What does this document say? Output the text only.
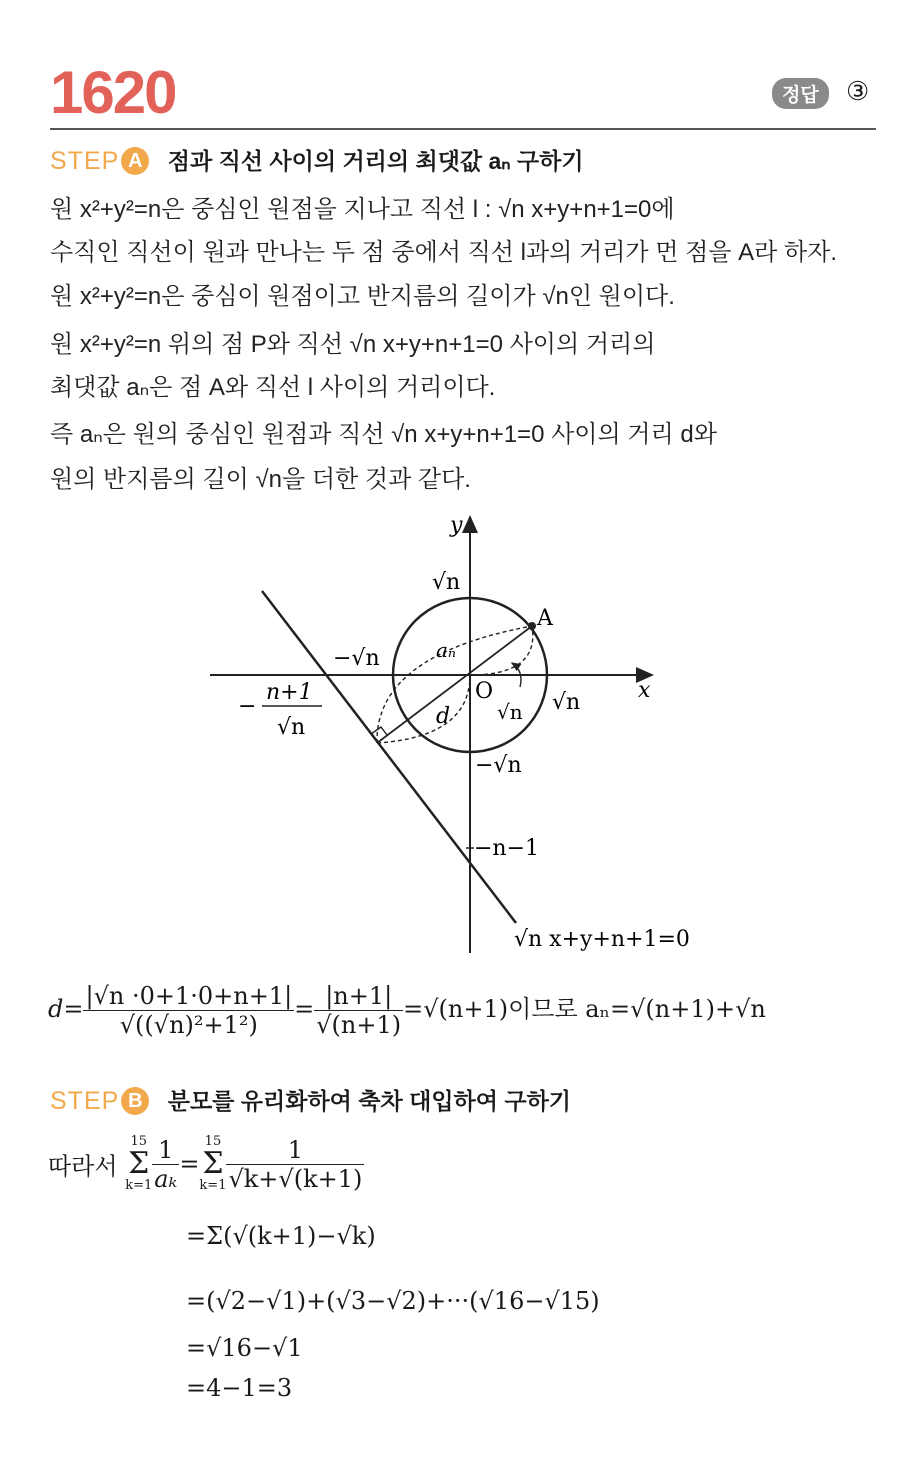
1620	정답	③
STEP A 점과 직선 사이의 거리의 최댓값 aₙ 구하기
원 x²+y²=n은 중심인 원점을 지나고 직선 l : √n x+y+n+1=0에
수직인 직선이 원과 만나는 두 점 중에서 직선 l과의 거리가 먼 점을 A라 하자.
원 x²+y²=n은 중심이 원점이고 반지름의 길이가 √n인 원이다.
원 x²+y²=n 위의 점 P와 직선 √n x+y+n+1=0 사이의 거리의
최댓값 aₙ은 점 A와 직선 l 사이의 거리이다.
즉 aₙ은 원의 중심인 원점과 직선 √n x+y+n+1=0 사이의 거리 d와
원의 반지름의 길이 √n을 더한 것과 같다.
y
x
O
A
√n
−√n
−
n+1
√n
aₙ
d √n √n
−√n
−n−1
√n x+y+n+1=0
$d= \frac{|√n \cdot 0+1\cdot 0+n+1|}{\text{√((√n)²+1²)}} = \frac{|n+1|}{√(n+1)} =√(n+1)$이므로 aₙ=√(n+1)+√n
STEP B 분모를 유리화하여 축차 대입하여 구하기
따라서
15
Σ
$k=1 \frac{1}{\text{aₖ}}$ =
15
Σ
$k=1 \frac{1}{√k+√(k+1)}$
=Σ(√(k+1)−√k)
=(√2−√1)+(√3−√2)+···(√16−√15)
=√16−√1
=4−1=3
